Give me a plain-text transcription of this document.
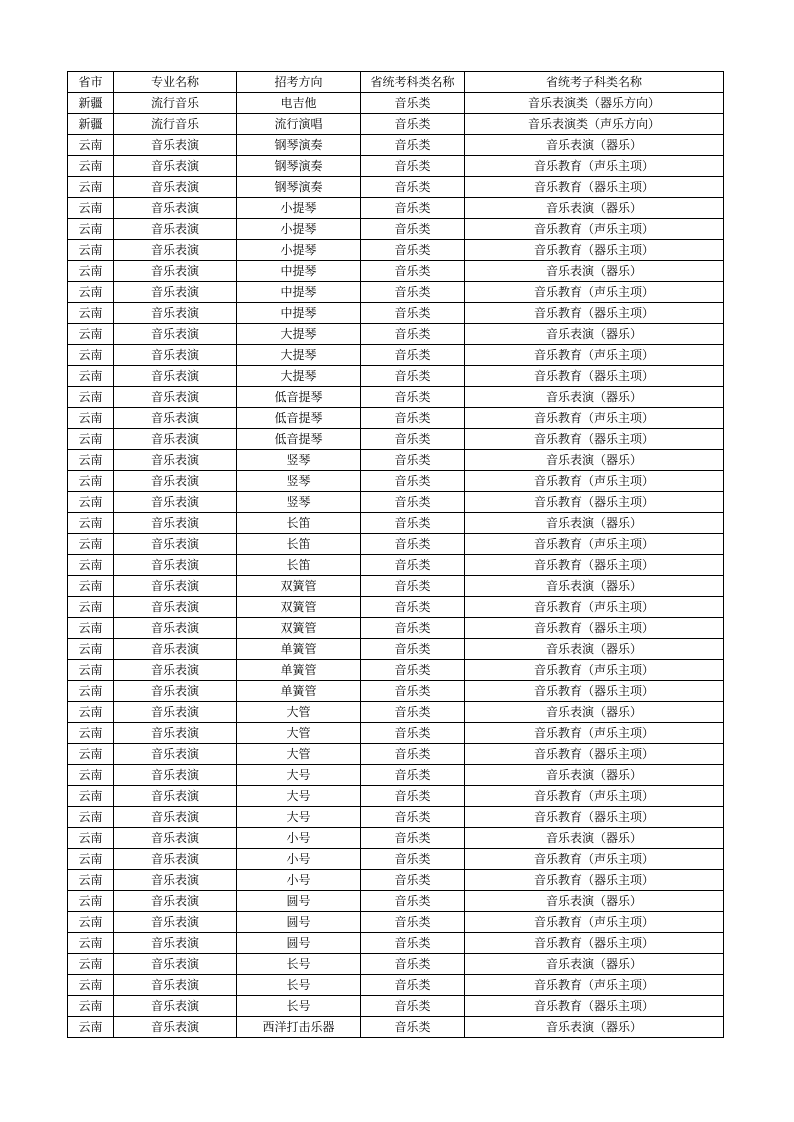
省市	专业名称	招考方向	省统考科类名称	省统考子科类名称
新疆	流行音乐	电吉他	音乐类	音乐表演类（器乐方向）
新疆	流行音乐	流行演唱	音乐类	音乐表演类（声乐方向）
云南	音乐表演	钢琴演奏	音乐类	音乐表演（器乐）
云南	音乐表演	钢琴演奏	音乐类	音乐教育（声乐主项）
云南	音乐表演	钢琴演奏	音乐类	音乐教育（器乐主项）
云南	音乐表演	小提琴	音乐类	音乐表演（器乐）
云南	音乐表演	小提琴	音乐类	音乐教育（声乐主项）
云南	音乐表演	小提琴	音乐类	音乐教育（器乐主项）
云南	音乐表演	中提琴	音乐类	音乐表演（器乐）
云南	音乐表演	中提琴	音乐类	音乐教育（声乐主项）
云南	音乐表演	中提琴	音乐类	音乐教育（器乐主项）
云南	音乐表演	大提琴	音乐类	音乐表演（器乐）
云南	音乐表演	大提琴	音乐类	音乐教育（声乐主项）
云南	音乐表演	大提琴	音乐类	音乐教育（器乐主项）
云南	音乐表演	低音提琴	音乐类	音乐表演（器乐）
云南	音乐表演	低音提琴	音乐类	音乐教育（声乐主项）
云南	音乐表演	低音提琴	音乐类	音乐教育（器乐主项）
云南	音乐表演	竖琴	音乐类	音乐表演（器乐）
云南	音乐表演	竖琴	音乐类	音乐教育（声乐主项）
云南	音乐表演	竖琴	音乐类	音乐教育（器乐主项）
云南	音乐表演	长笛	音乐类	音乐表演（器乐）
云南	音乐表演	长笛	音乐类	音乐教育（声乐主项）
云南	音乐表演	长笛	音乐类	音乐教育（器乐主项）
云南	音乐表演	双簧管	音乐类	音乐表演（器乐）
云南	音乐表演	双簧管	音乐类	音乐教育（声乐主项）
云南	音乐表演	双簧管	音乐类	音乐教育（器乐主项）
云南	音乐表演	单簧管	音乐类	音乐表演（器乐）
云南	音乐表演	单簧管	音乐类	音乐教育（声乐主项）
云南	音乐表演	单簧管	音乐类	音乐教育（器乐主项）
云南	音乐表演	大管	音乐类	音乐表演（器乐）
云南	音乐表演	大管	音乐类	音乐教育（声乐主项）
云南	音乐表演	大管	音乐类	音乐教育（器乐主项）
云南	音乐表演	大号	音乐类	音乐表演（器乐）
云南	音乐表演	大号	音乐类	音乐教育（声乐主项）
云南	音乐表演	大号	音乐类	音乐教育（器乐主项）
云南	音乐表演	小号	音乐类	音乐表演（器乐）
云南	音乐表演	小号	音乐类	音乐教育（声乐主项）
云南	音乐表演	小号	音乐类	音乐教育（器乐主项）
云南	音乐表演	圆号	音乐类	音乐表演（器乐）
云南	音乐表演	圆号	音乐类	音乐教育（声乐主项）
云南	音乐表演	圆号	音乐类	音乐教育（器乐主项）
云南	音乐表演	长号	音乐类	音乐表演（器乐）
云南	音乐表演	长号	音乐类	音乐教育（声乐主项）
云南	音乐表演	长号	音乐类	音乐教育（器乐主项）
云南	音乐表演	西洋打击乐器	音乐类	音乐表演（器乐）
